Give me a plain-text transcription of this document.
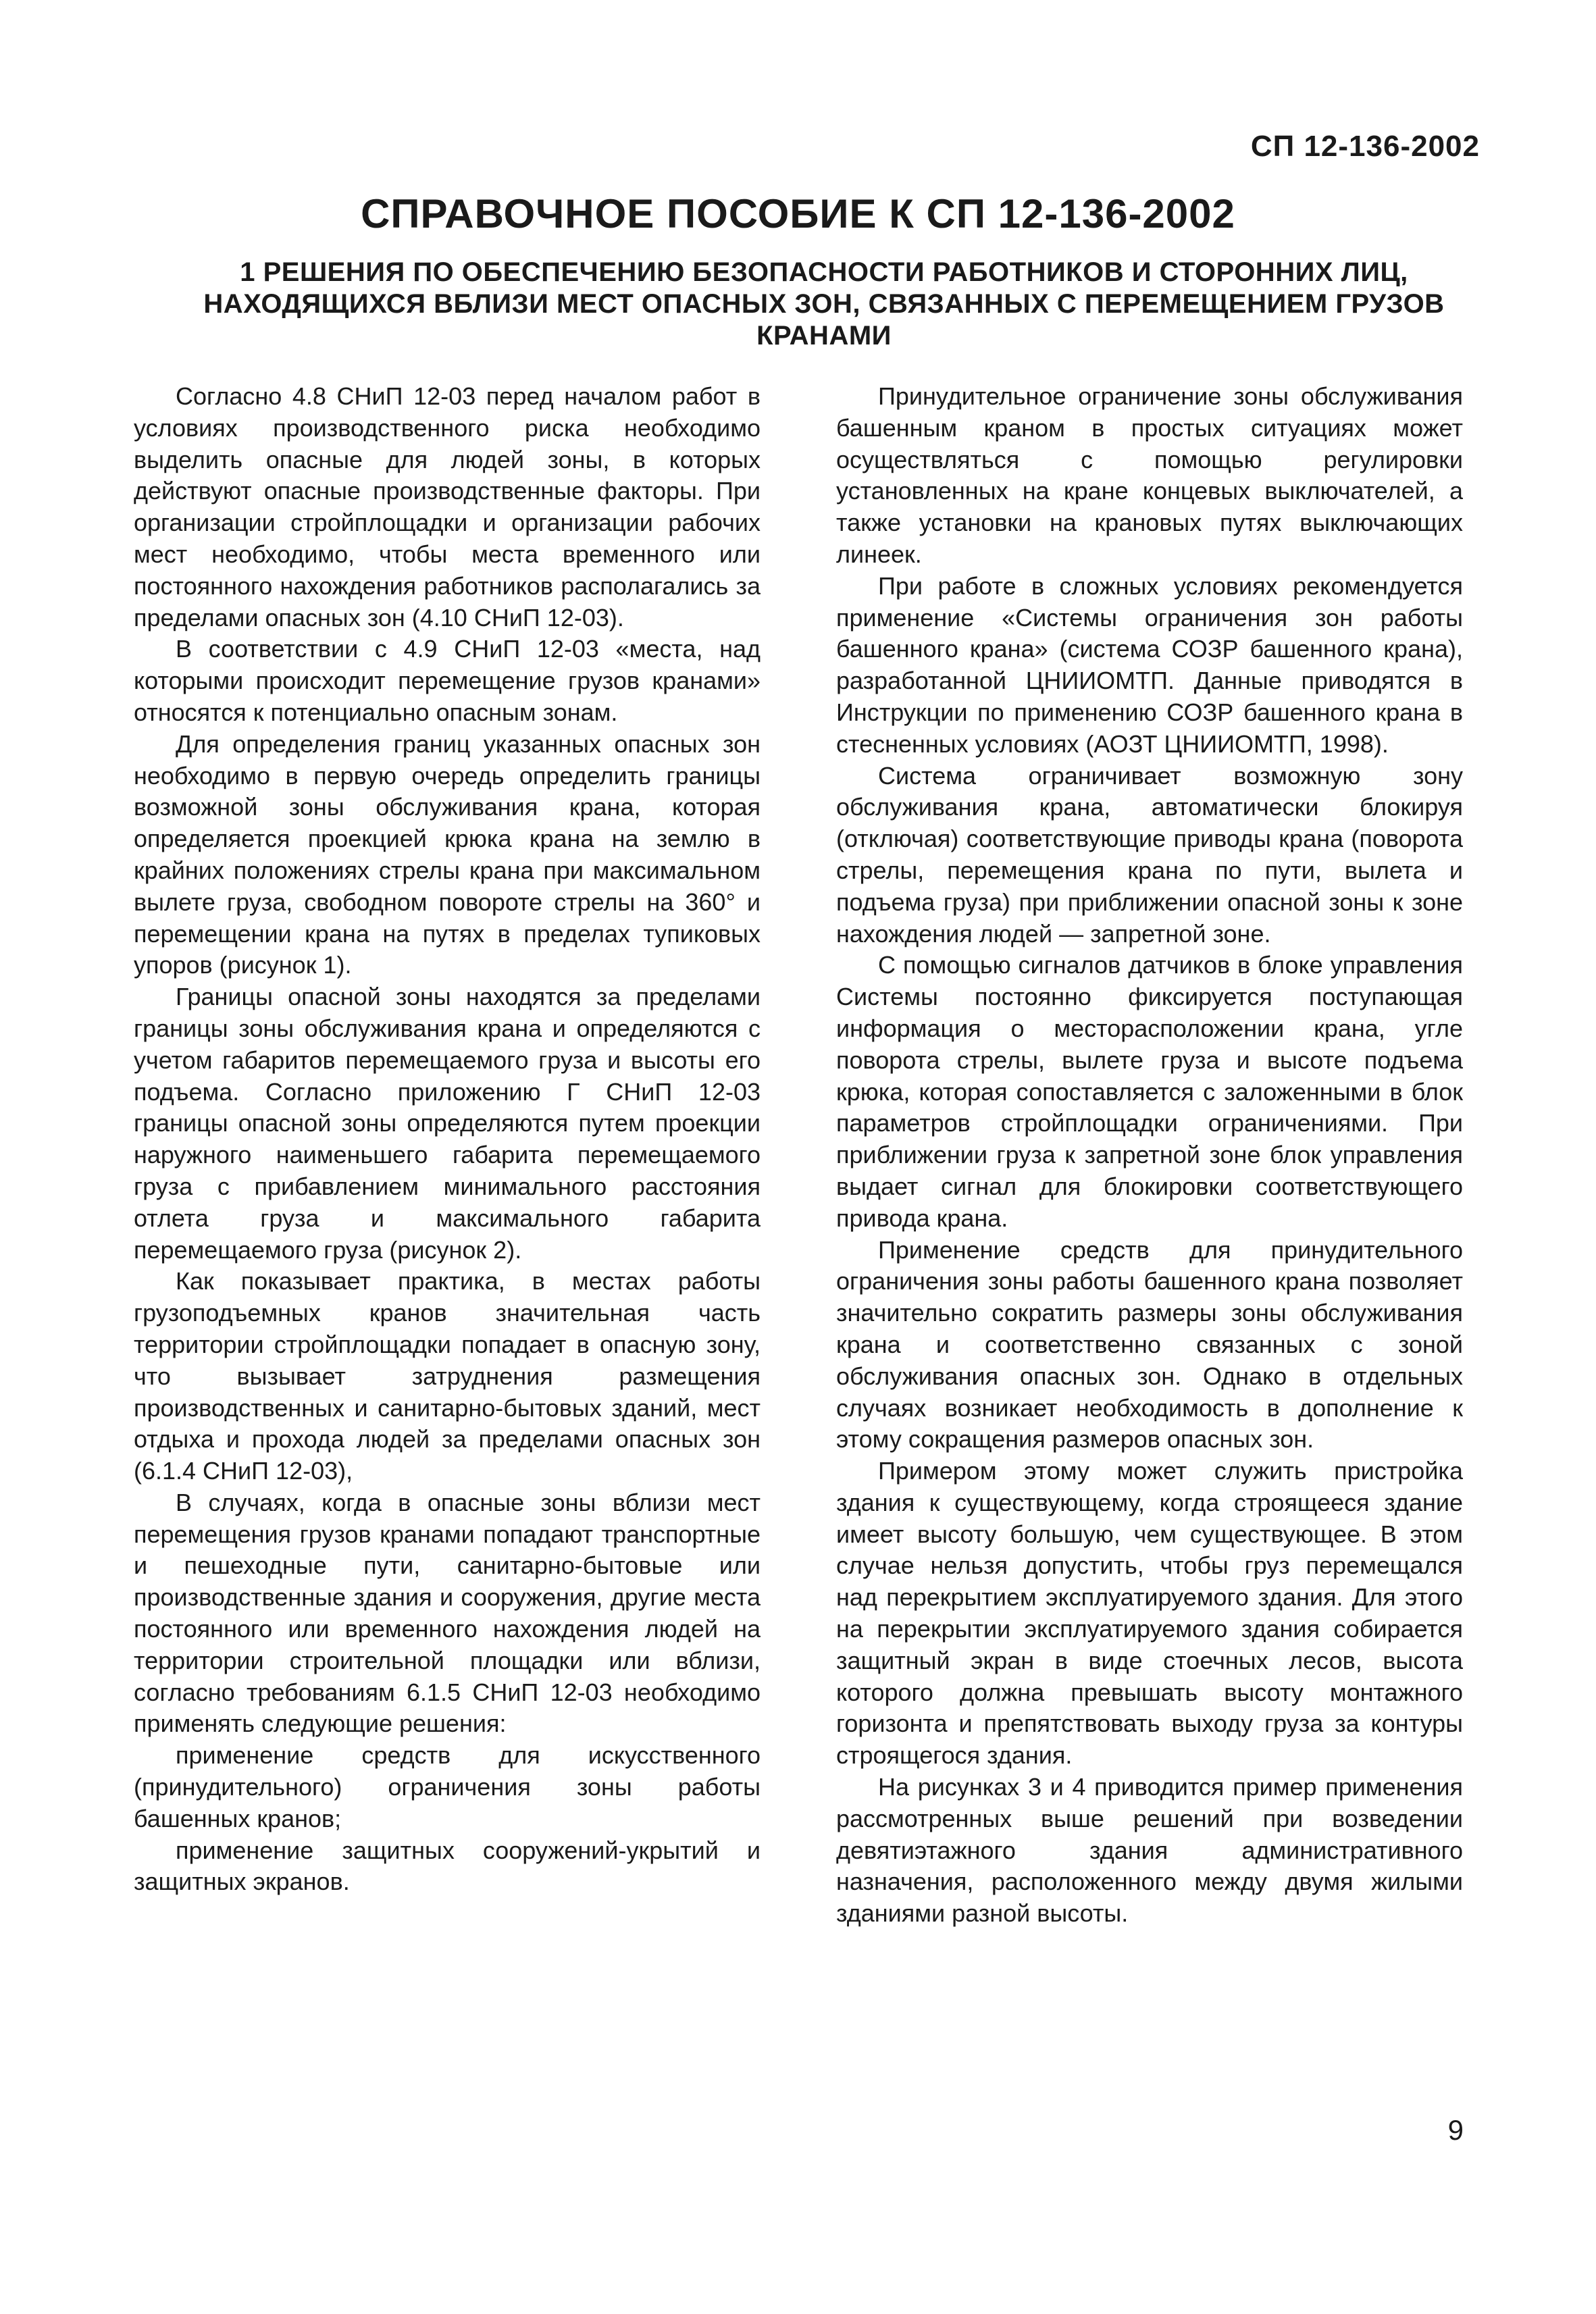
СП 12-136-2002
СПРАВОЧНОЕ ПОСОБИЕ К СП 12-136-2002
1 РЕШЕНИЯ ПО ОБЕСПЕЧЕНИЮ БЕЗОПАСНОСТИ РАБОТНИКОВ И СТОРОННИХ ЛИЦ, НАХОДЯЩИХСЯ ВБЛИЗИ МЕСТ ОПАСНЫХ ЗОН, СВЯЗАННЫХ С ПЕРЕМЕЩЕНИЕМ ГРУЗОВ КРАНАМИ

Согласно 4.8 СНиП 12-03 перед началом работ в условиях производственного риска необходимо выделить опасные для людей зоны, в которых действуют опасные производственные факторы. При организации стройплощадки и организации рабочих мест необходимо, чтобы места временного или постоянного нахождения работников располагались за пределами опасных зон (4.10 СНиП 12-03).

В соответствии с 4.9 СНиП 12-03 «места, над которыми происходит перемещение грузов кранами» относятся к потенциально опасным зонам.

Для определения границ указанных опасных зон необходимо в первую очередь определить границы возможной зоны обслуживания крана, которая определяется проекцией крюка крана на землю в крайних положениях стрелы крана при максимальном вылете груза, свободном повороте стрелы на 360° и перемещении крана на путях в пределах тупиковых упоров (рисунок 1).

Границы опасной зоны находятся за пределами границы зоны обслуживания крана и определяются с учетом габаритов перемещаемого груза и высоты его подъема. Согласно приложению Г СНиП 12-03 границы опасной зоны определяются путем проекции наружного наименьшего габарита перемещаемого груза с прибавлением минимального расстояния отлета груза и максимального габарита перемещаемого груза (рисунок 2).

Как показывает практика, в местах работы грузоподъемных кранов значительная часть территории стройплощадки попадает в опасную зону, что вызывает затруднения размещения производственных и санитарно-бытовых зданий, мест отдыха и прохода людей за пределами опасных зон (6.1.4 СНиП 12-03),

В случаях, когда в опасные зоны вблизи мест перемещения грузов кранами попадают транспортные и пешеходные пути, санитарно-бытовые или производственные здания и сооружения, другие места постоянного или временного нахождения людей на территории строительной площадки или вблизи, согласно требованиям 6.1.5 СНиП 12-03 необходимо применять следующие решения:

применение средств для искусственного (принудительного) ограничения зоны работы башенных кранов;

применение защитных сооружений-укрытий и защитных экранов.

Принудительное ограничение зоны обслуживания башенным краном в простых ситуациях может осуществляться с помощью регулировки установленных на кране концевых выключателей, а также установки на крановых путях выключающих линеек.

При работе в сложных условиях рекомендуется применение «Системы ограничения зон работы башенного крана» (система СОЗР башенного крана), разработанной ЦНИИОМТП. Данные приводятся в Инструкции по применению СОЗР башенного крана в стесненных условиях (АОЗТ ЦНИИОМТП, 1998).

Система ограничивает возможную зону обслуживания крана, автоматически блокируя (отключая) соответствующие приводы крана (поворота стрелы, перемещения крана по пути, вылета и подъема груза) при приближении опасной зоны к зоне нахождения людей — запретной зоне.

С помощью сигналов датчиков в блоке управления Системы постоянно фиксируется поступающая информация о месторасположении крана, угле поворота стрелы, вылете груза и высоте подъема крюка, которая сопоставляется с заложенными в блок параметров стройплощадки ограничениями. При приближении груза к запретной зоне блок управления выдает сигнал для блокировки соответствующего привода крана.

Применение средств для принудительного ограничения зоны работы башенного крана позволяет значительно сократить размеры зоны обслуживания крана и соответственно связанных с зоной обслуживания опасных зон. Однако в отдельных случаях возникает необходимость в дополнение к этому сокращения размеров опасных зон.

Примером этому может служить пристройка здания к существующему, когда строящееся здание имеет высоту большую, чем существующее. В этом случае нельзя допустить, чтобы груз перемещался над перекрытием эксплуатируемого здания. Для этого на перекрытии эксплуатируемого здания собирается защитный экран в виде стоечных лесов, высота которого должна превышать высоту монтажного горизонта и препятствовать выходу груза за контуры строящегося здания.

На рисунках 3 и 4 приводится пример применения рассмотренных выше решений при возведении девятиэтажного здания административного назначения, расположенного между двумя жилыми зданиями разной высоты.

9
